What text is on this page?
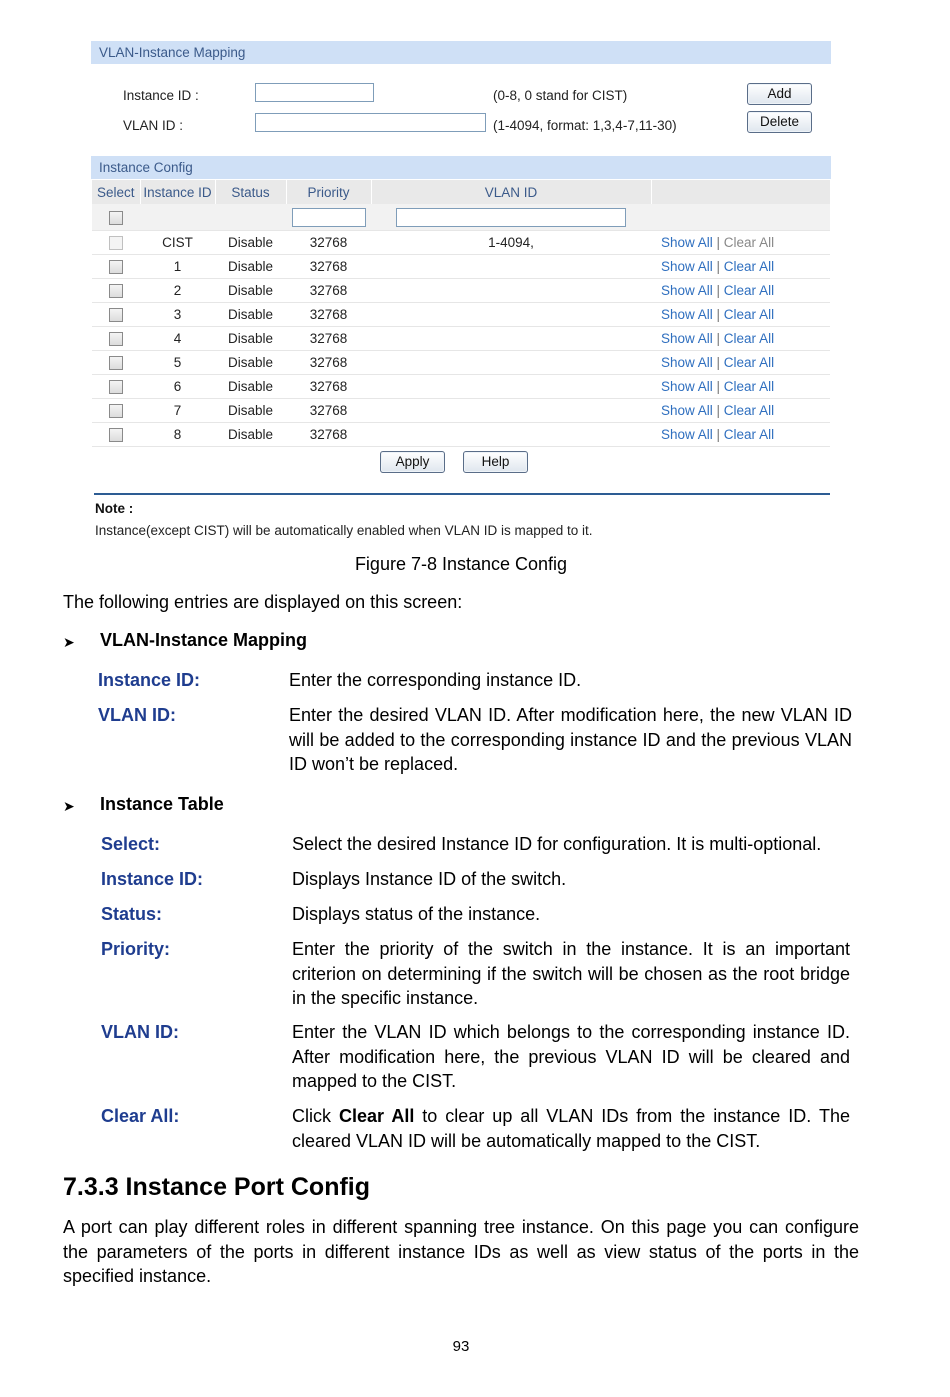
VLAN-Instance Mapping
Instance ID :	(0-8, 0 stand for CIST)	Add
VLAN ID :	(1-4094, format: 1,3,4-7,11-30)	Delete
Instance Config
Select	Instance ID	Status	Priority	VLAN ID	

	CIST	Disable	32768	1-4094,	Show All | Clear All
	1	Disable	32768		Show All | Clear All
	2	Disable	32768		Show All | Clear All
	3	Disable	32768		Show All | Clear All
	4	Disable	32768		Show All | Clear All
	5	Disable	32768		Show All | Clear All
	6	Disable	32768		Show All | Clear All
	7	Disable	32768		Show All | Clear All
	8	Disable	32768		Show All | Clear All
Apply	Help
Note :
Instance(except CIST) will be automatically enabled when VLAN ID is mapped to it.
Figure 7-8 Instance Config
The following entries are displayed on this screen:
➤ VLAN-Instance Mapping
Instance ID:	Enter the corresponding instance ID.
VLAN ID:	Enter the desired VLAN ID. After modification here, the new VLAN ID will be added to the corresponding instance ID and the previous VLAN ID won’t be replaced.
➤ Instance Table
Select:	Select the desired Instance ID for configuration. It is multi-optional.
Instance ID:	Displays Instance ID of the switch.
Status:	Displays status of the instance.
Priority:	Enter the priority of the switch in the instance. It is an important criterion on determining if the switch will be chosen as the root bridge in the specific instance.
VLAN ID:	Enter the VLAN ID which belongs to the corresponding instance ID. After modification here, the previous VLAN ID will be cleared and mapped to the CIST.
Clear All:	Click Clear All to clear up all VLAN IDs from the instance ID. The cleared VLAN ID will be automatically mapped to the CIST.
7.3.3 Instance Port Config
A port can play different roles in different spanning tree instance. On this page you can configure the parameters of the ports in different instance IDs as well as view status of the ports in the specified instance.
93
